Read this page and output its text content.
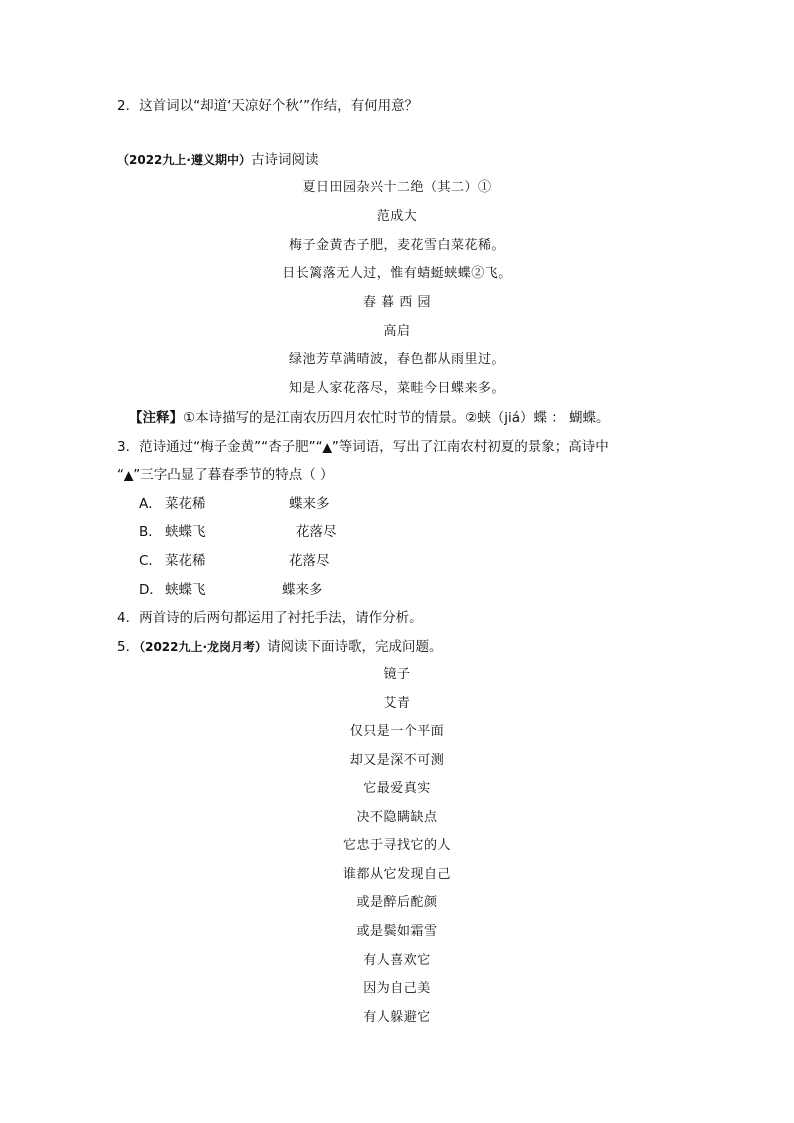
2．这首词以“却道‘天凉好个秋’”作结，有何用意？
（2022九上·遵义期中）古诗词阅读
夏日田园杂兴十二绝（其二）①
范成大
梅子金黄杏子肥，麦花雪白菜花稀。
日长篱落无人过，惟有蜻蜓蛱蝶②飞。
春 暮 西 园
高启
绿池芳草满晴波，春色都从雨里过。
知是人家花落尽，菜畦今日蝶来多。
【注释】①本诗描写的是江南农历四月农忙时节的情景。②蛱（jiá）蝶 ： 蝴蝶。
3．范诗通过“梅子金黄”“杏子肥”“▲”等词语，写出了江南农村初夏的景象；高诗中
“▲”三字凸显了暮春季节的特点（ ）
A． 菜花稀	蝶来多
B． 蛱蝶飞	花落尽
C． 菜花稀	花落尽
D． 蛱蝶飞	蝶来多
4．两首诗的后两句都运用了衬托手法，请作分析。
5．（2022九上·龙岗月考）请阅读下面诗歌，完成问题。
镜子
艾青
仅只是一个平面
却又是深不可测
它最爱真实
决不隐瞒缺点
它忠于寻找它的人
谁都从它发现自己
或是醉后酡颜
或是鬓如霜雪
有人喜欢它
因为自己美
有人躲避它
